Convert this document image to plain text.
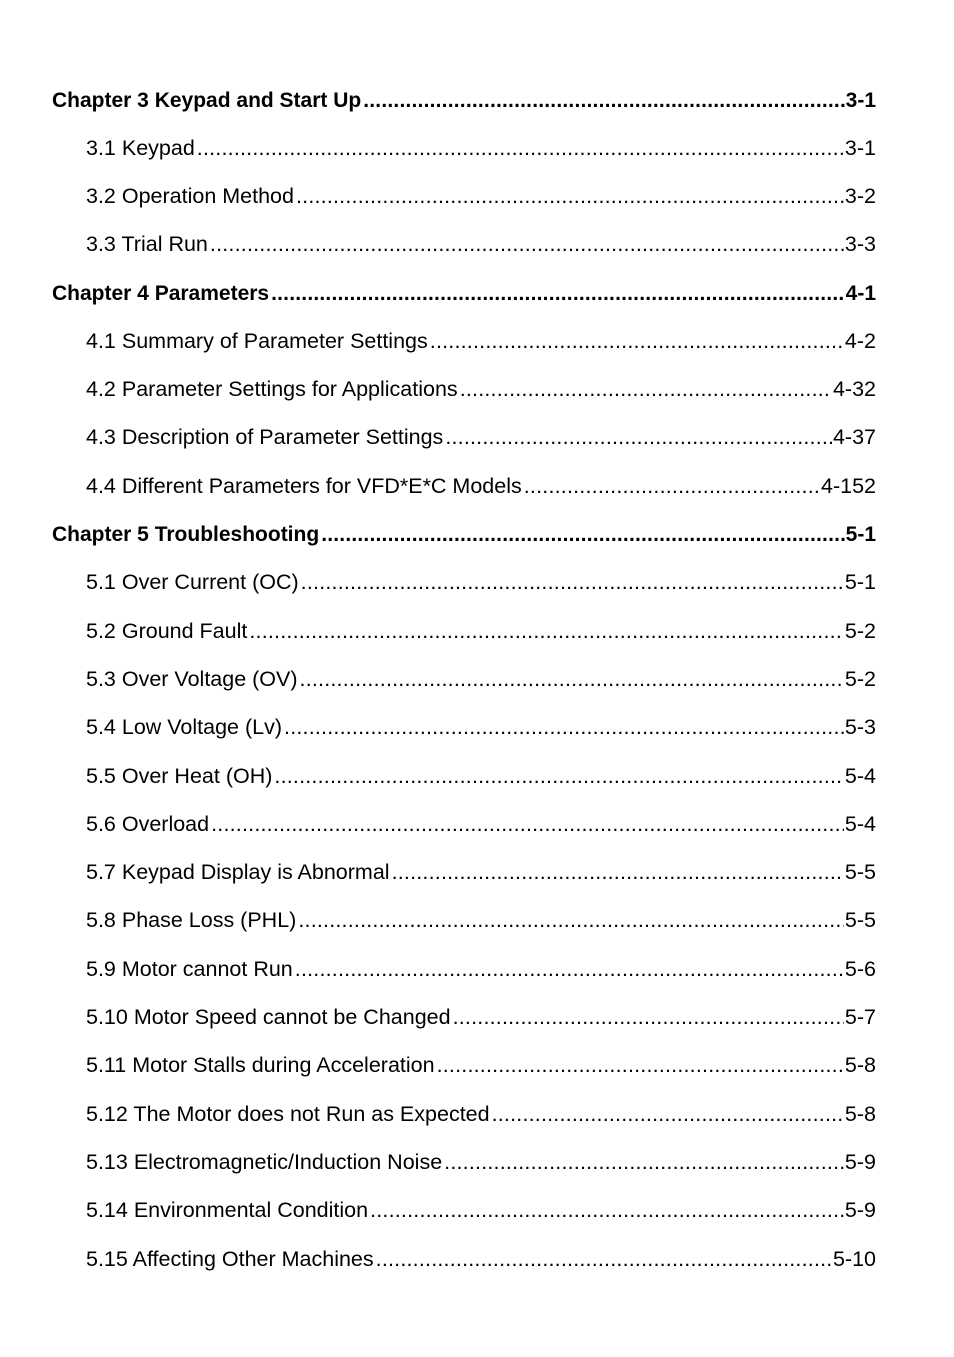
Chapter 3 Keypad and Start Up .....	3-1
3.1 Keypad .....	3-1
3.2 Operation Method .....	3-2
3.3 Trial Run .....	3-3
Chapter 4 Parameters .....	4-1
4.1 Summary of Parameter Settings .....	4-2
4.2 Parameter Settings for Applications .....	4-32
4.3 Description of Parameter Settings .....	4-37
4.4 Different Parameters for VFD*E*C Models .....	4-152
Chapter 5 Troubleshooting .....	5-1
5.1 Over Current (OC) .....	5-1
5.2 Ground Fault .....	5-2
5.3 Over Voltage (OV) .....	5-2
5.4 Low Voltage (Lv) .....	5-3
5.5 Over Heat (OH) .....	5-4
5.6 Overload .....	5-4
5.7 Keypad Display is Abnormal .....	5-5
5.8 Phase Loss (PHL) .....	5-5
5.9 Motor cannot Run .....	5-6
5.10 Motor Speed cannot be Changed .....	5-7
5.11 Motor Stalls during Acceleration .....	5-8
5.12 The Motor does not Run as Expected .....	5-8
5.13 Electromagnetic/Induction Noise .....	5-9
5.14 Environmental Condition .....	5-9
5.15 Affecting Other Machines .....	5-10
